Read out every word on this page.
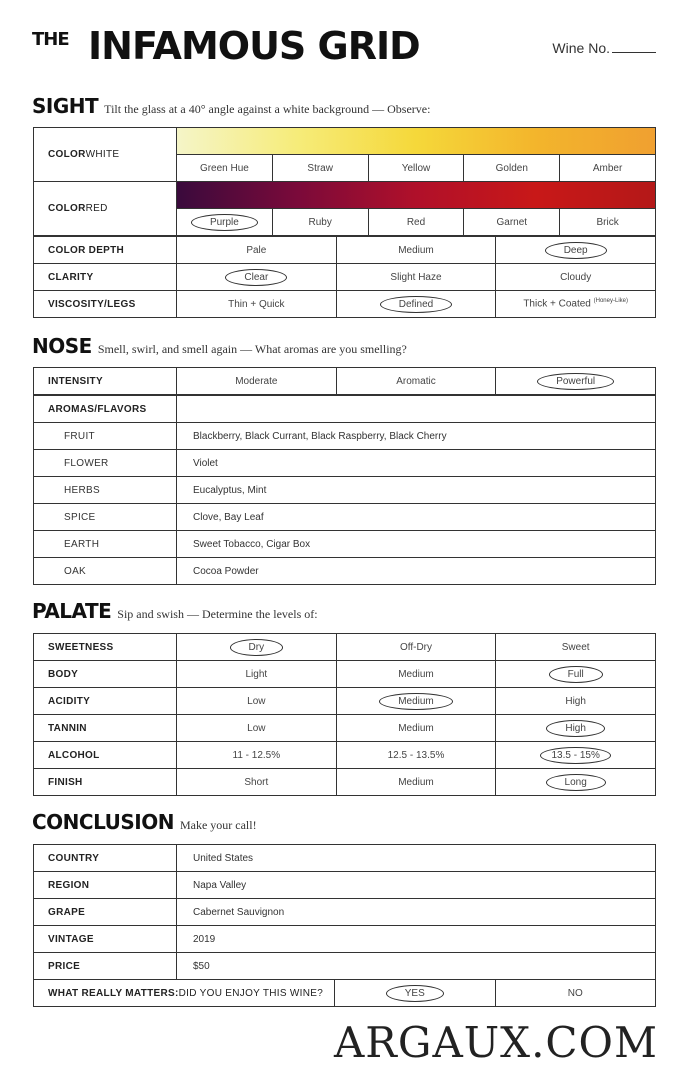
THE INFAMOUS GRID	Wine No.
SIGHT Tilt the glass at a 40° angle against a white background — Observe:
COLORWHITE					

	Green Hue	Straw	Yellow	Golden	Amber
COLORRED					

	Purple	Ruby	Red	Garnet	Brick
COLOR DEPTH	Pale	Medium	Deep
CLARITY	Clear	Slight Haze	Cloudy
VISCOSITY/LEGS	Thin + Quick	Defined	Thick + Coated $^{(Honey-Like)}$
NOSE Smell, swirl, and smell again — What aromas are you smelling?
INTENSITY	Moderate	Aromatic	Powerful
AROMAS/FLAVORS	
FRUIT	Blackberry, Black Currant, Black Raspberry, Black Cherry
FLOWER	Violet
HERBS	Eucalyptus, Mint
SPICE	Clove, Bay Leaf
EARTH	Sweet Tobacco, Cigar Box
OAK	Cocoa Powder
PALATE Sip and swish — Determine the levels of:
SWEETNESS	Dry	Off-Dry	Sweet
BODY	Light	Medium	Full
ACIDITY	Low	Medium	High
TANNIN	Low	Medium	High
ALCOHOL	11 - 12.5%	12.5 - 13.5%	13.5 - 15%
FINISH	Short	Medium	Long
CONCLUSION Make your call!
COUNTRY	United States
REGION	Napa Valley
GRAPE	Cabernet Sauvignon
VINTAGE	2019
PRICE	$50
WHAT REALLY MATTERS:DID YOU ENJOY THIS WINE?	YES	NO
ARGAUX.COM
